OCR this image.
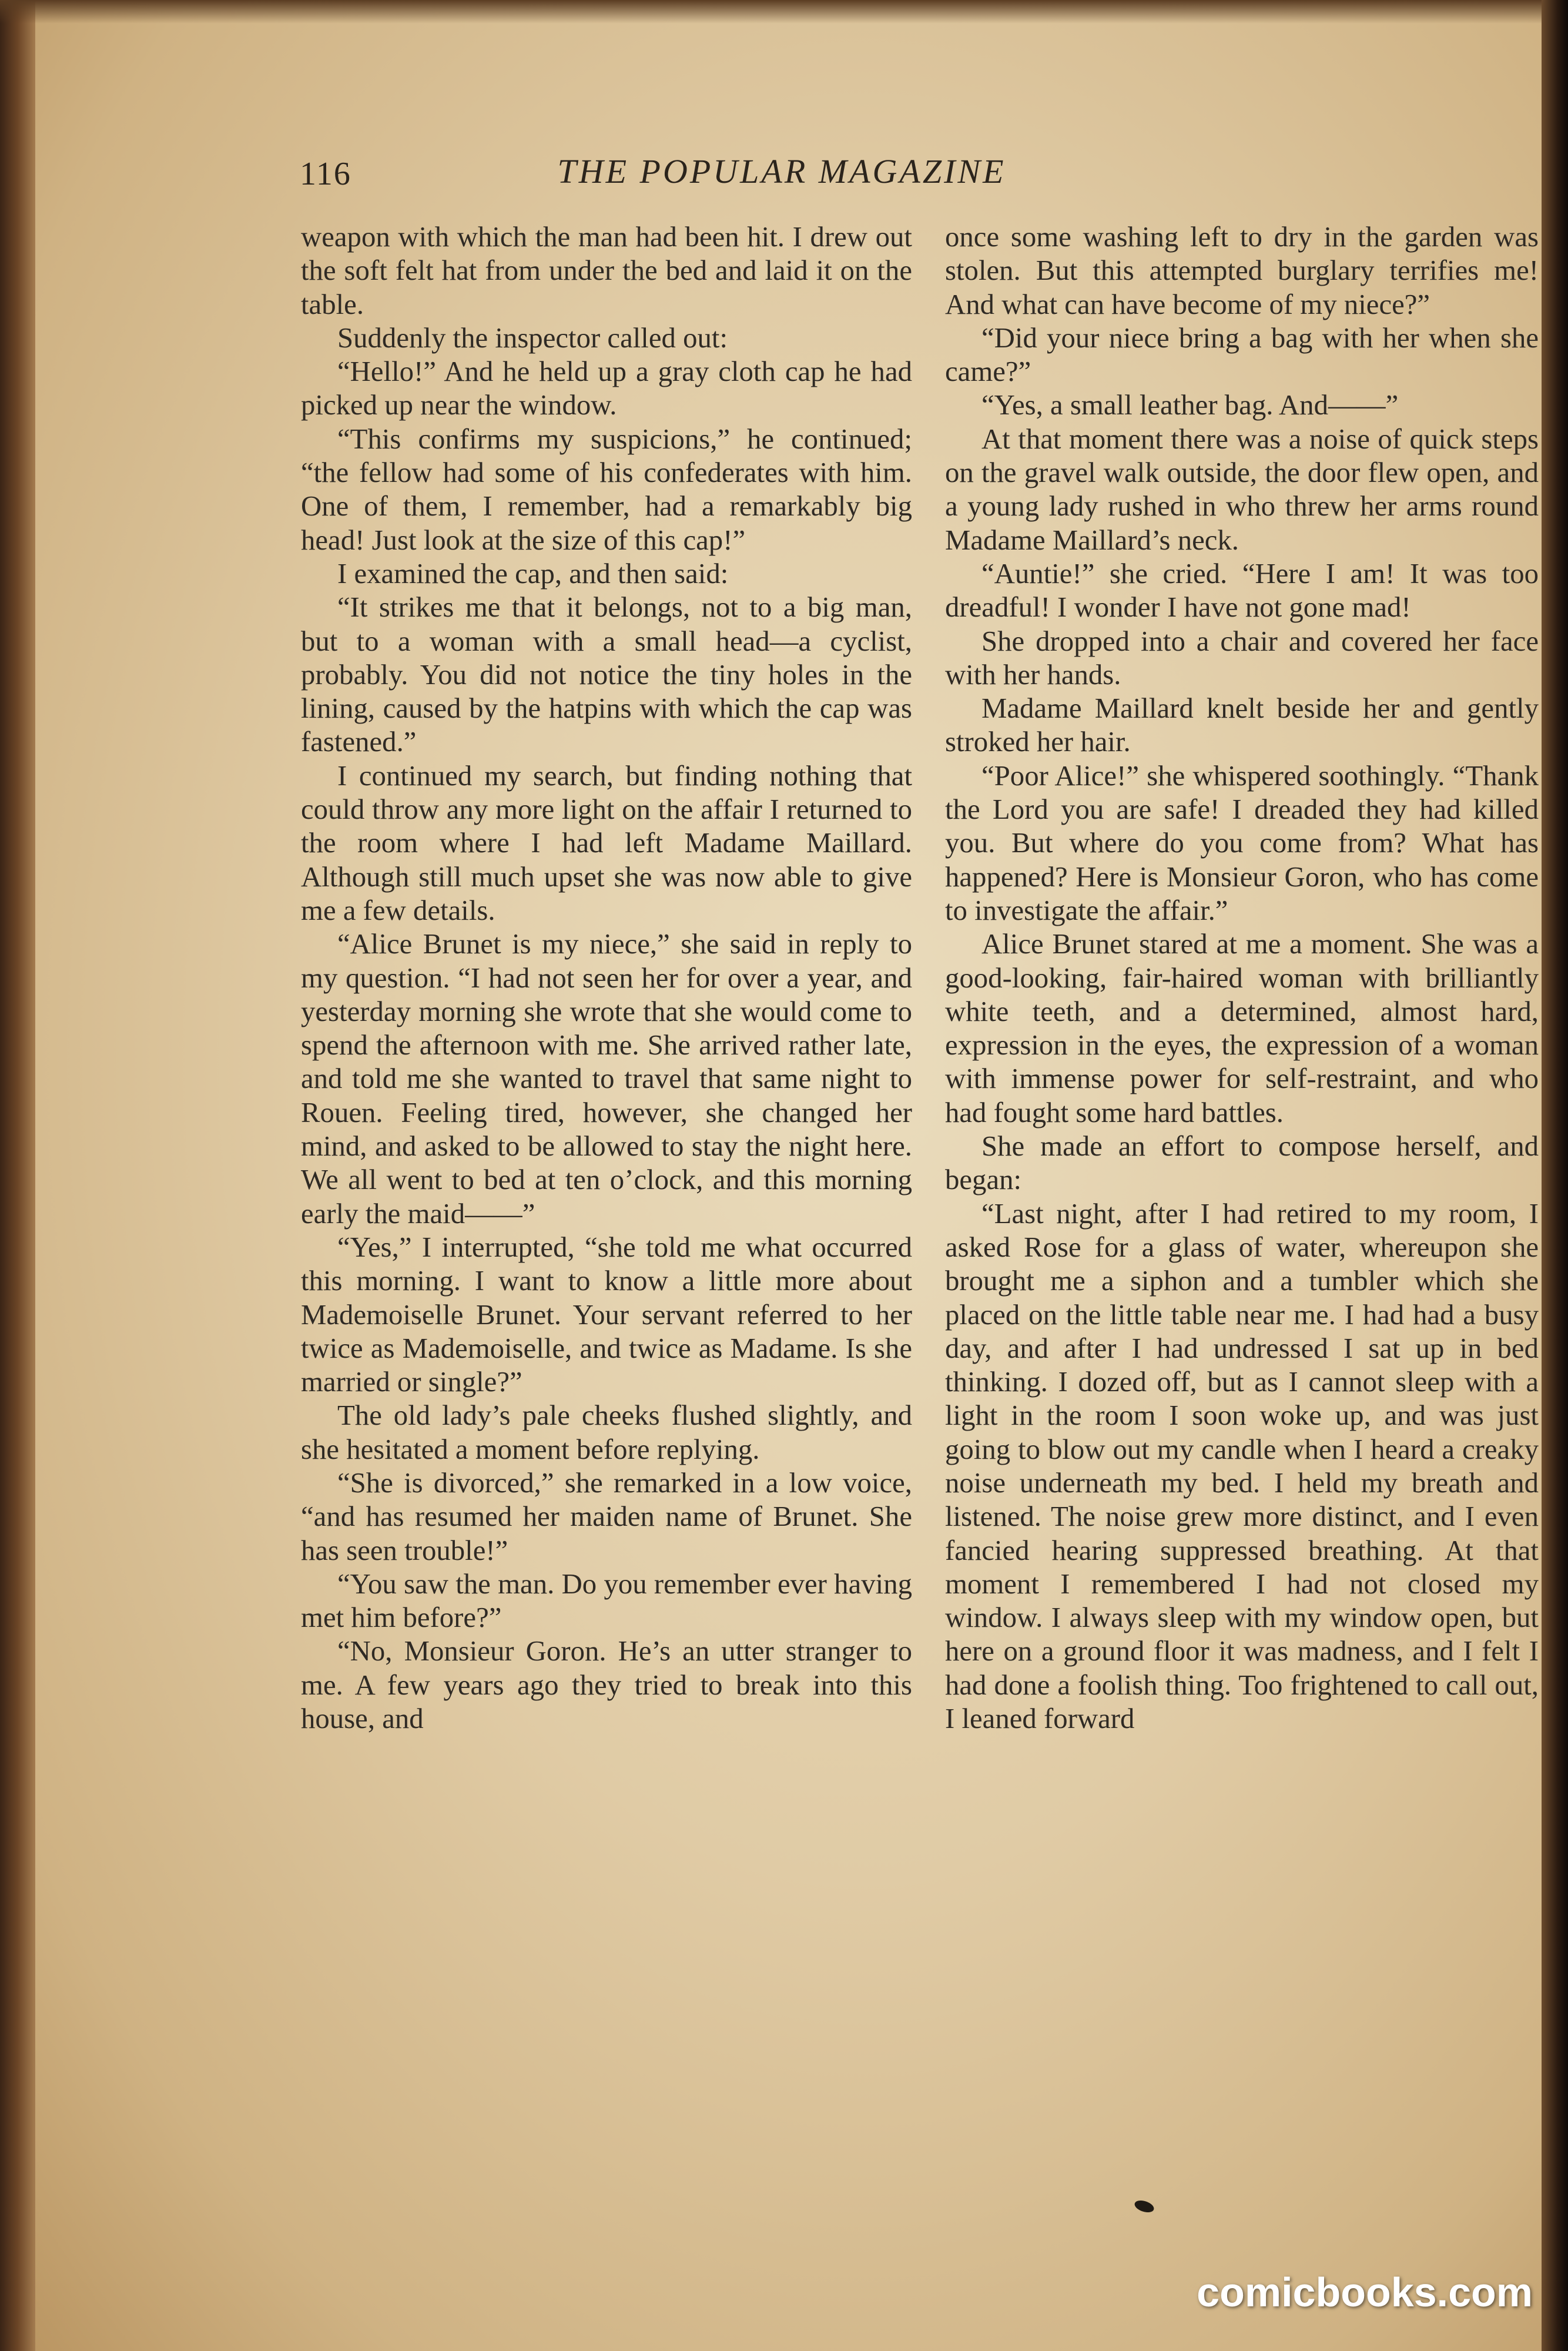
116	THE POPULAR MAGAZINE

weapon with which the man had been hit. I drew out the soft felt hat from under the bed and laid it on the table.

Suddenly the inspector called out:

“Hello!” And he held up a gray cloth cap he had picked up near the window.

“This confirms my suspicions,” he continued; “the fellow had some of his confederates with him. One of them, I remember, had a remarkably big head! Just look at the size of this cap!”

I examined the cap, and then said:

“It strikes me that it belongs, not to a big man, but to a woman with a small head—a cyclist, probably. You did not notice the tiny holes in the lining, caused by the hatpins with which the cap was fastened.”

I continued my search, but finding nothing that could throw any more light on the affair I returned to the room where I had left Madame Maillard. Although still much upset she was now able to give me a few details.

“Alice Brunet is my niece,” she said in reply to my question. “I had not seen her for over a year, and yesterday morning she wrote that she would come to spend the afternoon with me. She arrived rather late, and told me she wanted to travel that same night to Rouen. Feeling tired, however, she changed her mind, and asked to be allowed to stay the night here. We all went to bed at ten o’clock, and this morning early the maid——”

“Yes,” I interrupted, “she told me what occurred this morning. I want to know a little more about Mademoiselle Brunet. Your servant referred to her twice as Mademoiselle, and twice as Madame. Is she married or single?”

The old lady’s pale cheeks flushed slightly, and she hesitated a moment before replying.

“She is divorced,” she remarked in a low voice, “and has resumed her maiden name of Brunet. She has seen trouble!”

“You saw the man. Do you remember ever having met him before?”

“No, Monsieur Goron. He’s an utter stranger to me. A few years ago they tried to break into this house, and

once some washing left to dry in the garden was stolen. But this attempted burglary terrifies me! And what can have become of my niece?”

“Did your niece bring a bag with her when she came?”

“Yes, a small leather bag. And——”

At that moment there was a noise of quick steps on the gravel walk outside, the door flew open, and a young lady rushed in who threw her arms round Madame Maillard’s neck.

“Auntie!” she cried. “Here I am! It was too dreadful! I wonder I have not gone mad!

She dropped into a chair and covered her face with her hands.

Madame Maillard knelt beside her and gently stroked her hair.

“Poor Alice!” she whispered soothingly. “Thank the Lord you are safe! I dreaded they had killed you. But where do you come from? What has happened? Here is Monsieur Goron, who has come to investigate the affair.”

Alice Brunet stared at me a moment. She was a good-looking, fair-haired woman with brilliantly white teeth, and a determined, almost hard, expression in the eyes, the expression of a woman with immense power for self-restraint, and who had fought some hard battles.

She made an effort to compose herself, and began:

“Last night, after I had retired to my room, I asked Rose for a glass of water, whereupon she brought me a siphon and a tumbler which she placed on the little table near me. I had had a busy day, and after I had undressed I sat up in bed thinking. I dozed off, but as I cannot sleep with a light in the room I soon woke up, and was just going to blow out my candle when I heard a creaky noise underneath my bed. I held my breath and listened. The noise grew more distinct, and I even fancied hearing suppressed breathing. At that moment I remembered I had not closed my window. I always sleep with my window open, but here on a ground floor it was madness, and I felt I had done a foolish thing. Too frightened to call out, I leaned forward

comicbooks.com
